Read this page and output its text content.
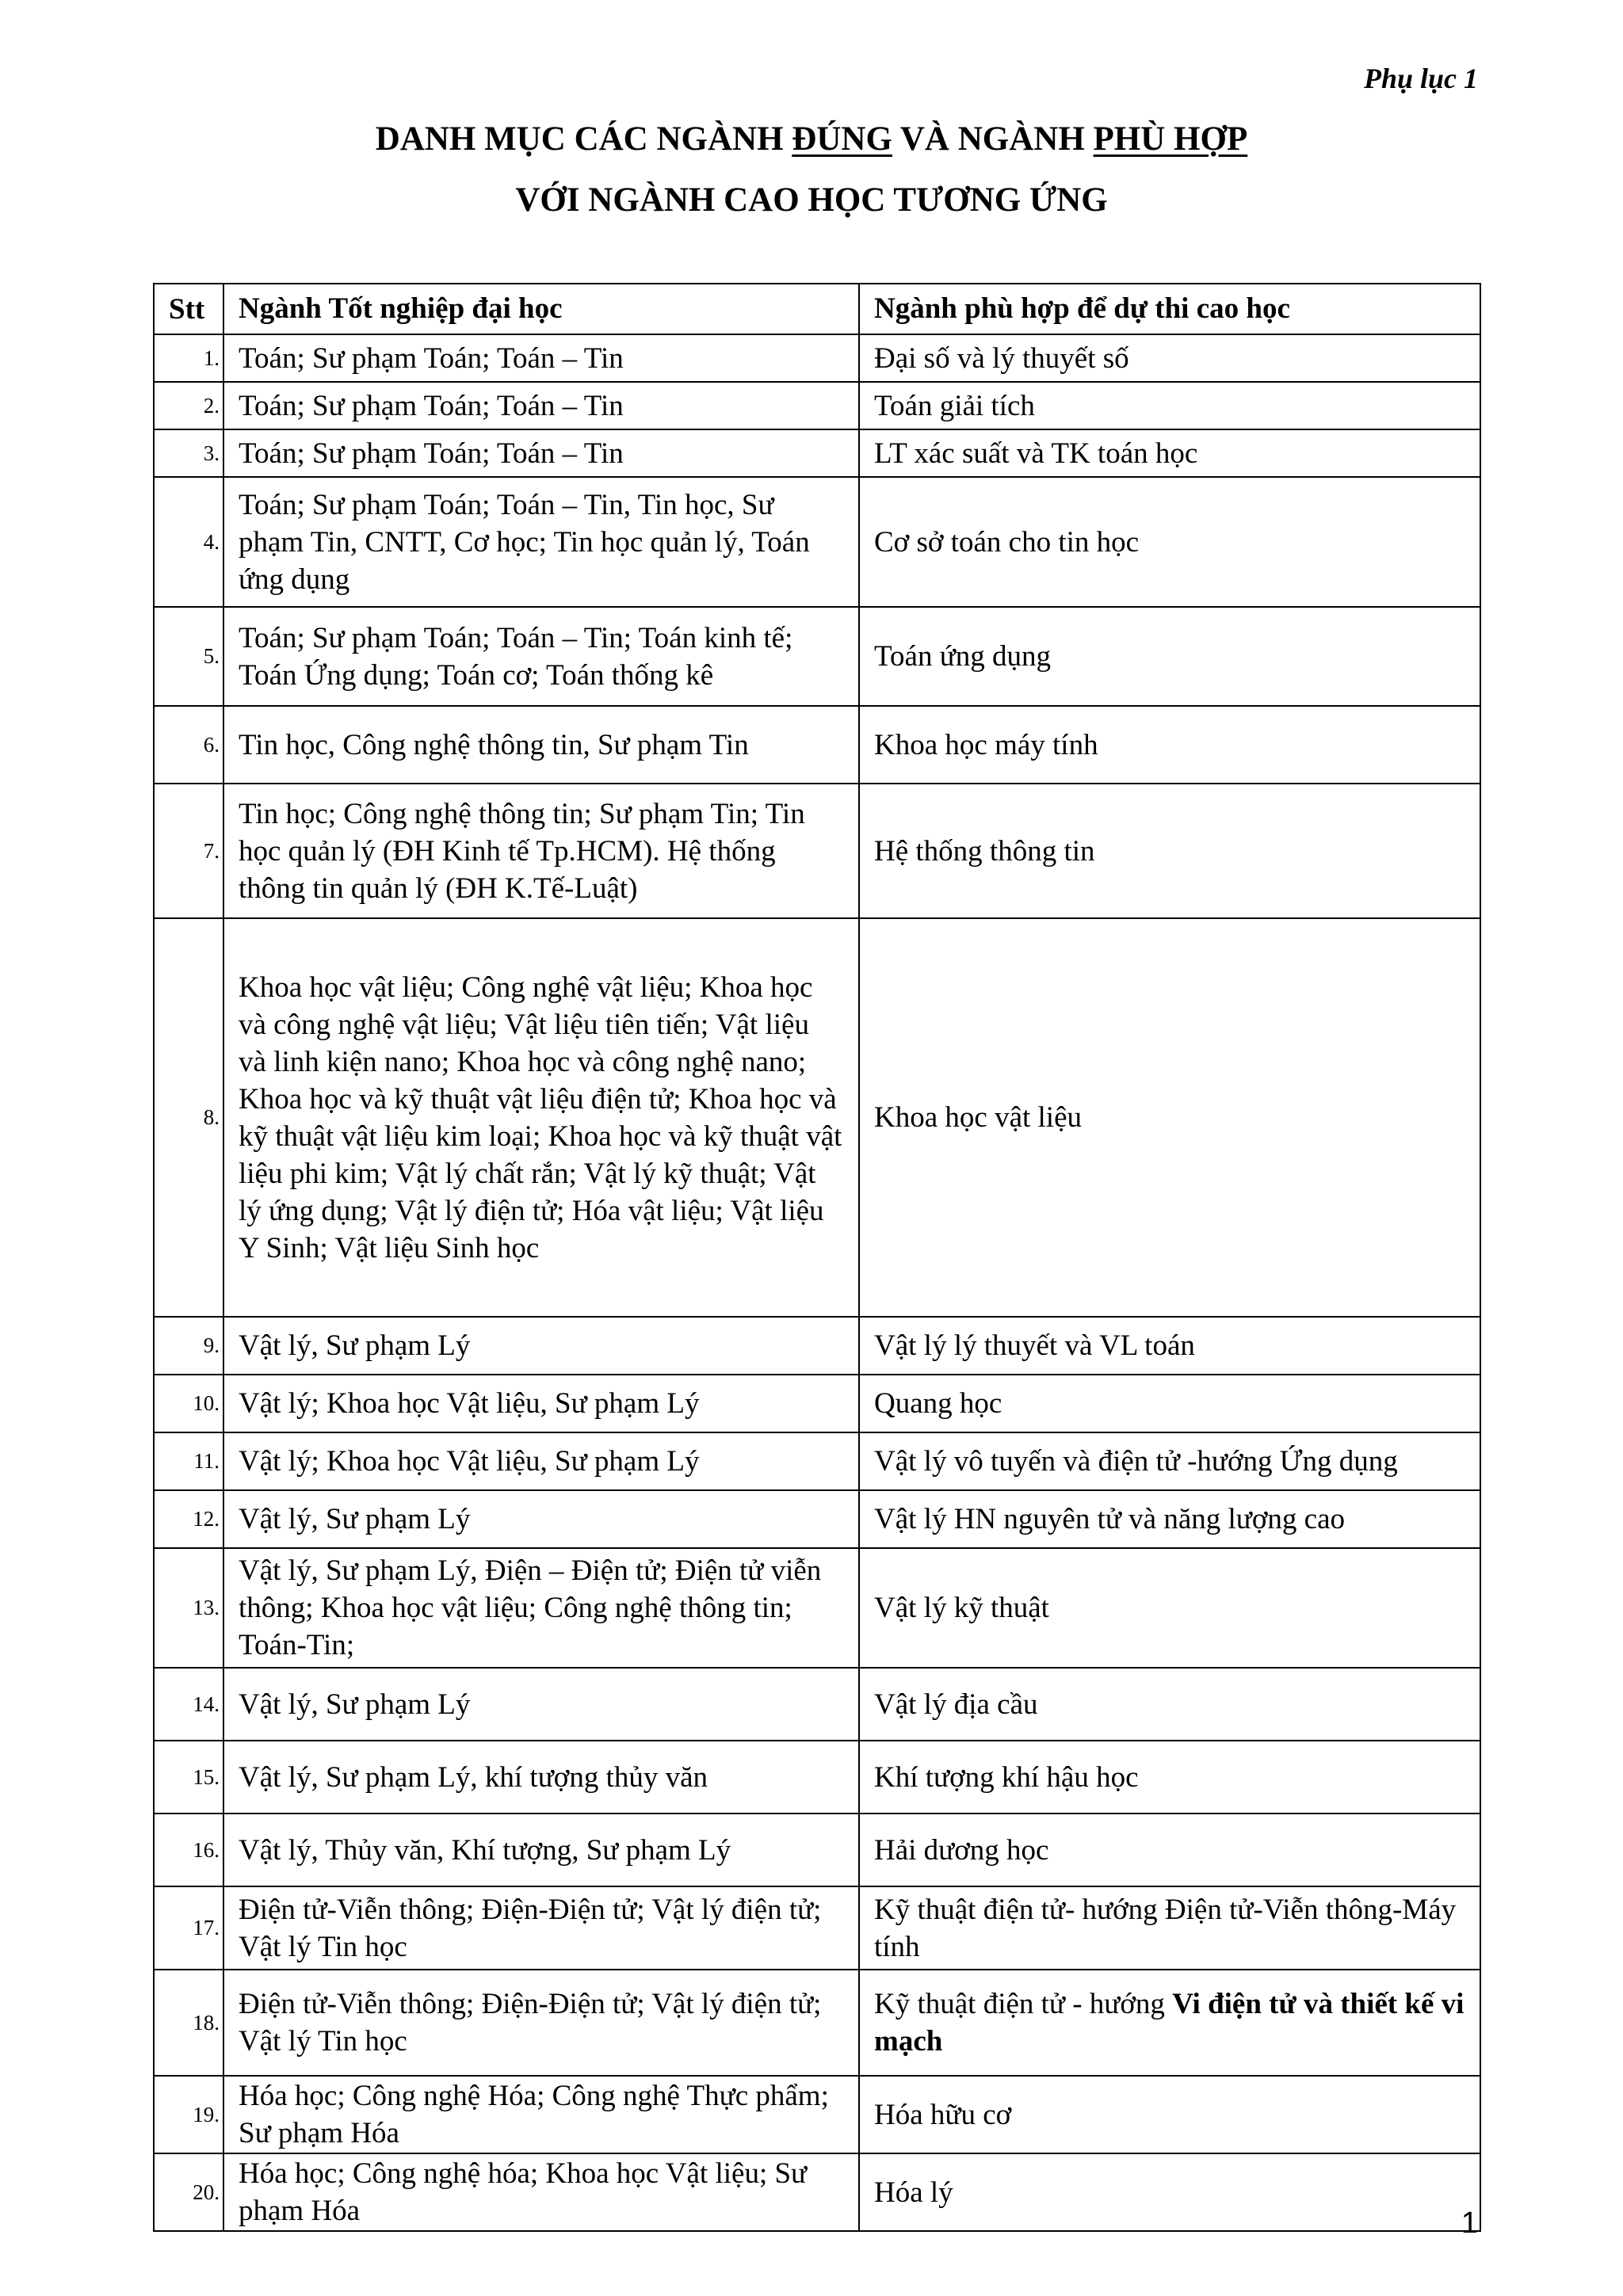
Phụ lục 1
DANH MỤC CÁC NGÀNH ĐÚNG VÀ NGÀNH PHÙ HỢP
VỚI NGÀNH CAO HỌC TƯƠNG ỨNG
Stt	Ngành Tốt nghiệp đại học	Ngành phù hợp để dự thi cao học
1.	Toán; Sư phạm Toán; Toán – Tin	Đại số và lý thuyết số
2.	Toán; Sư phạm Toán; Toán – Tin	Toán giải tích
3.	Toán; Sư phạm Toán; Toán – Tin	LT xác suất và TK toán học
4.	Toán; Sư phạm Toán; Toán – Tin, Tin học, Sư phạm Tin, CNTT, Cơ học; Tin học quản lý, Toán ứng dụng	Cơ sở toán cho tin học
5.	Toán; Sư phạm Toán; Toán – Tin; Toán kinh tế; Toán Ứng dụng; Toán cơ; Toán thống kê	Toán ứng dụng
6.	Tin học, Công nghệ thông tin, Sư phạm Tin	Khoa học máy tính
7.	Tin học; Công nghệ thông tin; Sư phạm Tin; Tin học quản lý (ĐH Kinh tế Tp.HCM). Hệ thống thông tin quản lý (ĐH K.Tế-Luật)	Hệ thống thông tin
8.	Khoa học vật liệu; Công nghệ vật liệu; Khoa học và công nghệ vật liệu; Vật liệu tiên tiến; Vật liệu và linh kiện nano; Khoa học và công nghệ nano; Khoa học và kỹ thuật vật liệu điện tử; Khoa học và kỹ thuật vật liệu kim loại; Khoa học và kỹ thuật vật liệu phi kim; Vật lý chất rắn; Vật lý kỹ thuật; Vật lý ứng dụng; Vật lý điện tử; Hóa vật liệu; Vật liệu Y Sinh; Vật liệu Sinh học	Khoa học vật liệu
9.	Vật lý, Sư phạm Lý	Vật lý lý thuyết và VL toán
10.	Vật lý; Khoa học Vật liệu, Sư phạm Lý	Quang học
11.	Vật lý; Khoa học Vật liệu, Sư phạm Lý	Vật lý vô tuyến và điện tử -hướng Ứng dụng
12.	Vật lý, Sư phạm Lý	Vật lý HN nguyên tử và năng lượng cao
13.	Vật lý, Sư phạm Lý, Điện – Điện tử; Điện tử viễn thông; Khoa học vật liệu; Công nghệ thông tin; Toán-Tin;	Vật lý kỹ thuật
14.	Vật lý, Sư phạm Lý	Vật lý địa cầu
15.	Vật lý, Sư phạm Lý, khí tượng thủy văn	Khí tượng khí hậu học
16.	Vật lý, Thủy văn, Khí tượng, Sư phạm Lý	Hải dương học
17.	Điện tử-Viễn thông; Điện-Điện tử; Vật lý điện tử; Vật lý Tin học	Kỹ thuật điện tử- hướng Điện tử-Viễn thông-Máy tính
18.	Điện tử-Viễn thông; Điện-Điện tử; Vật lý điện tử; Vật lý Tin học	Kỹ thuật điện tử - hướng Vi điện tử và thiết kế vi mạch
19.	Hóa học; Công nghệ Hóa; Công nghệ Thực phẩm; Sư phạm Hóa	Hóa hữu cơ
20.	Hóa học; Công nghệ hóa; Khoa học Vật liệu; Sư phạm Hóa	Hóa lý
1
